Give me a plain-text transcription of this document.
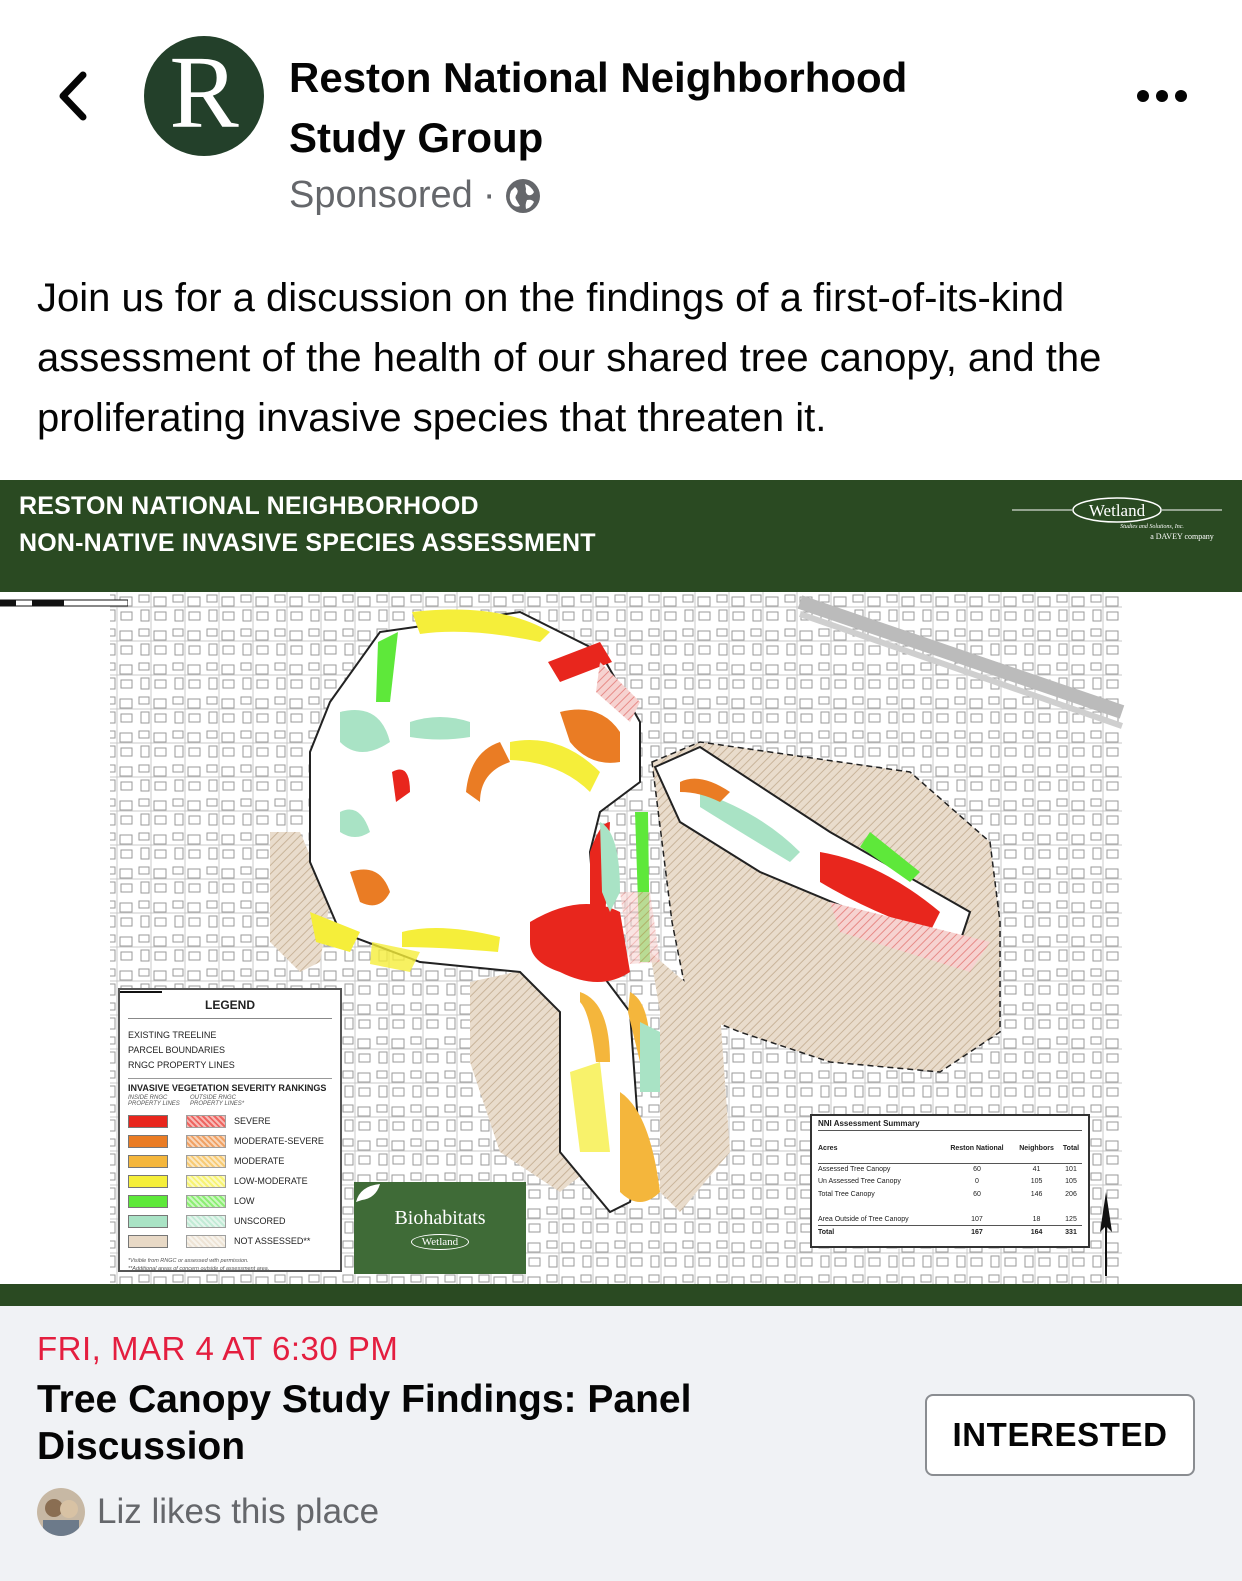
R Reston National Neighborhood Study Group
Sponsored ·
Join us for a discussion on the findings of a first-of-its-kind assessment of the health of our shared tree canopy, and the proliferating invasive species that threaten it.
RESTON NATIONAL NEIGHBORHOOD
NON-NATIVE INVASIVE SPECIES ASSESSMENT
Wetland
Studies and Solutions, Inc.
a DAVEY company
LEGEND
EXISTING TREELINE
PARCEL BOUNDARIES
RNGC PROPERTY LINES
INVASIVE VEGETATION SEVERITY RANKINGS
INSIDE RNGC PROPERTY LINES
OUTSIDE RNGC PROPERTY LINES*
SEVERE
MODERATE-SEVERE
MODERATE
LOW-MODERATE
LOW
UNSCORED
NOT ASSESSED**
*Visible from RNGC or assessed with permission.
**Additional areas of concern outside of assessment area.
Biohabitats
Wetland
NNI Assessment Summary
Acres	Reston National	Neighbors	Total
Assessed Tree Canopy	60	41	101
Un Assessed Tree Canopy	0	105	105
Total Tree Canopy	60	146	206

Area Outside of Tree Canopy	107	18	125
Total	167	164	331
FRI, MAR 4 AT 6:30 PM
Tree Canopy Study Findings: Panel Discussion	INTERESTED
Liz likes this place
